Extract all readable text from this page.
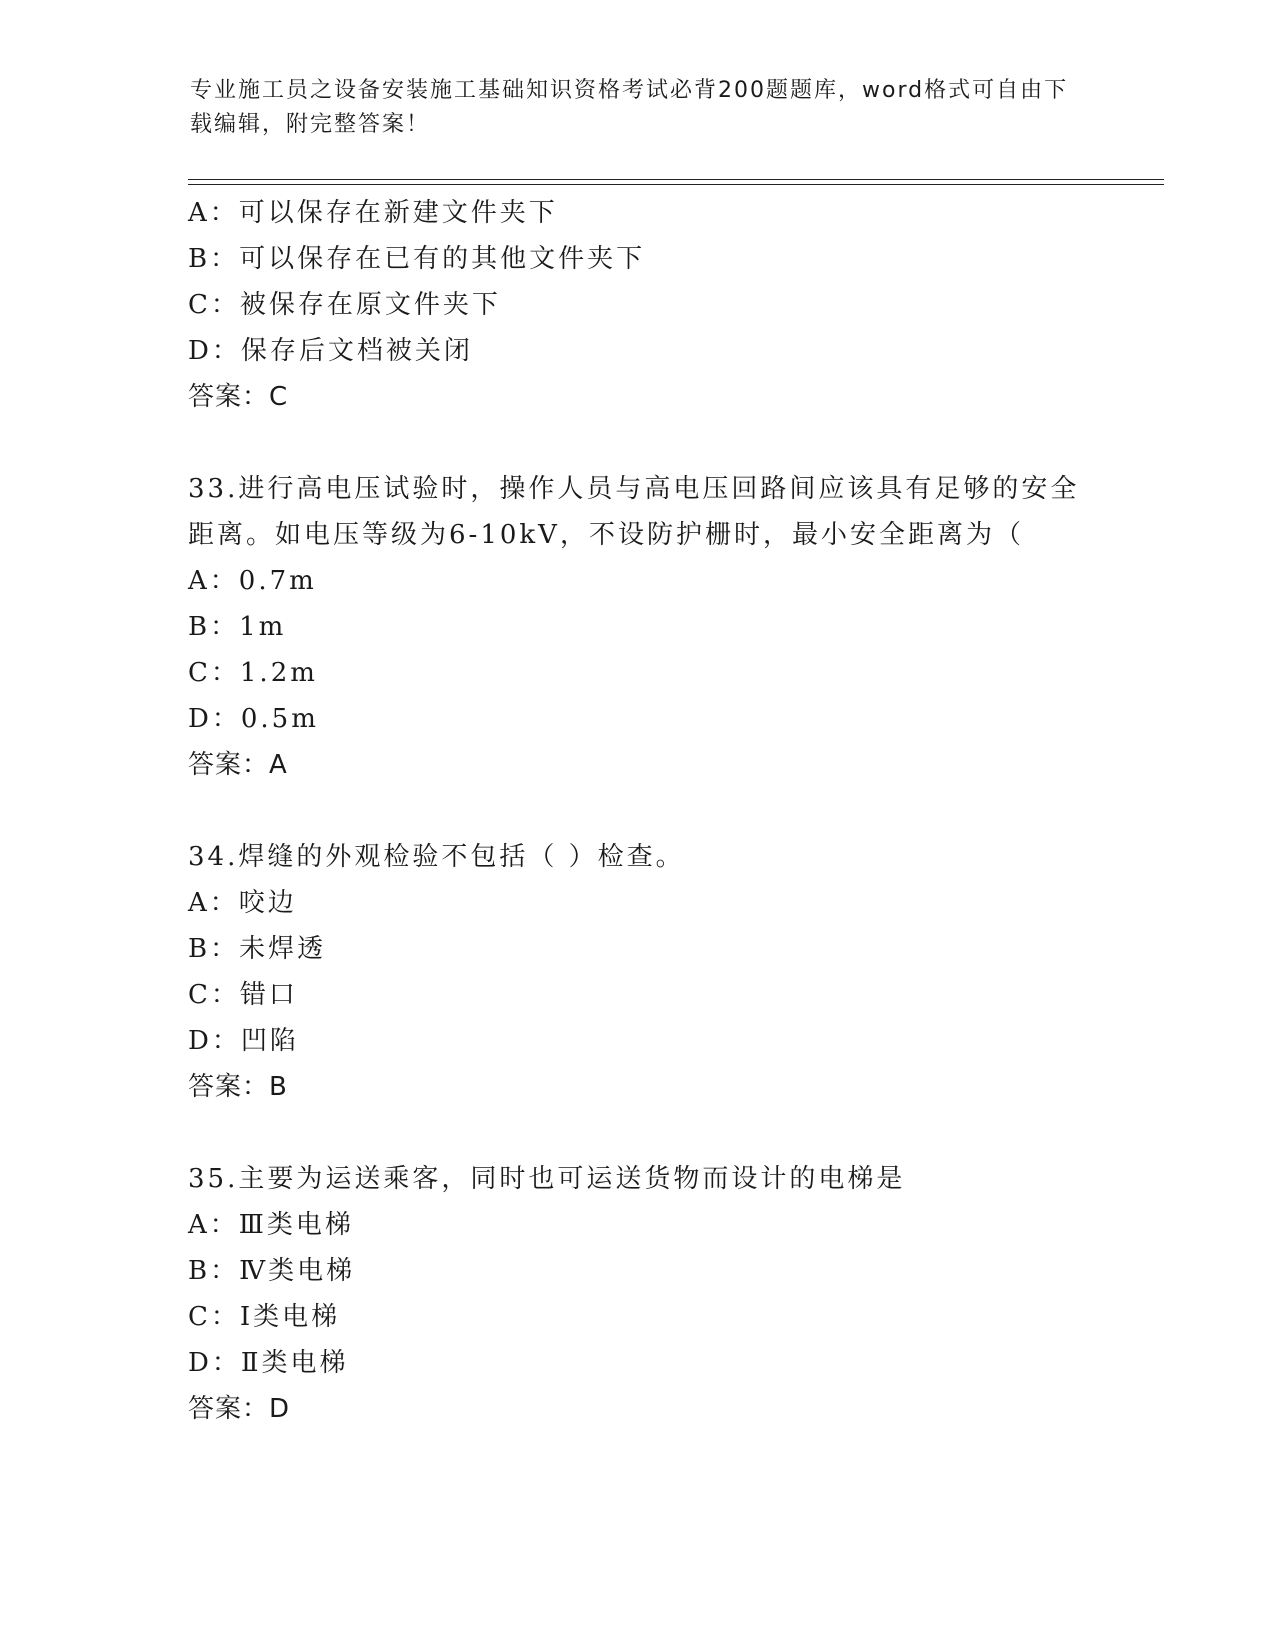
专业施工员之设备安装施工基础知识资格考试必背200题题库，word格式可自由下载编辑，附完整答案！
A：可以保存在新建文件夹下
B：可以保存在已有的其他文件夹下
C：被保存在原文件夹下
D：保存后文档被关闭
答案：C
33.进行高电压试验时，操作人员与高电压回路间应该具有足够的安全距离。如电压等级为6-10kV，不设防护栅时，最小安全距离为（
A：0.7m
B：1m
C：1.2m
D：0.5m
答案：A
34.焊缝的外观检验不包括（ ）检查。
A：咬边
B：未焊透
C：错口
D：凹陷
答案：B
35.主要为运送乘客，同时也可运送货物而设计的电梯是
A：Ⅲ类电梯
B：Ⅳ类电梯
C：Ⅰ类电梯
D：Ⅱ类电梯
答案：D
